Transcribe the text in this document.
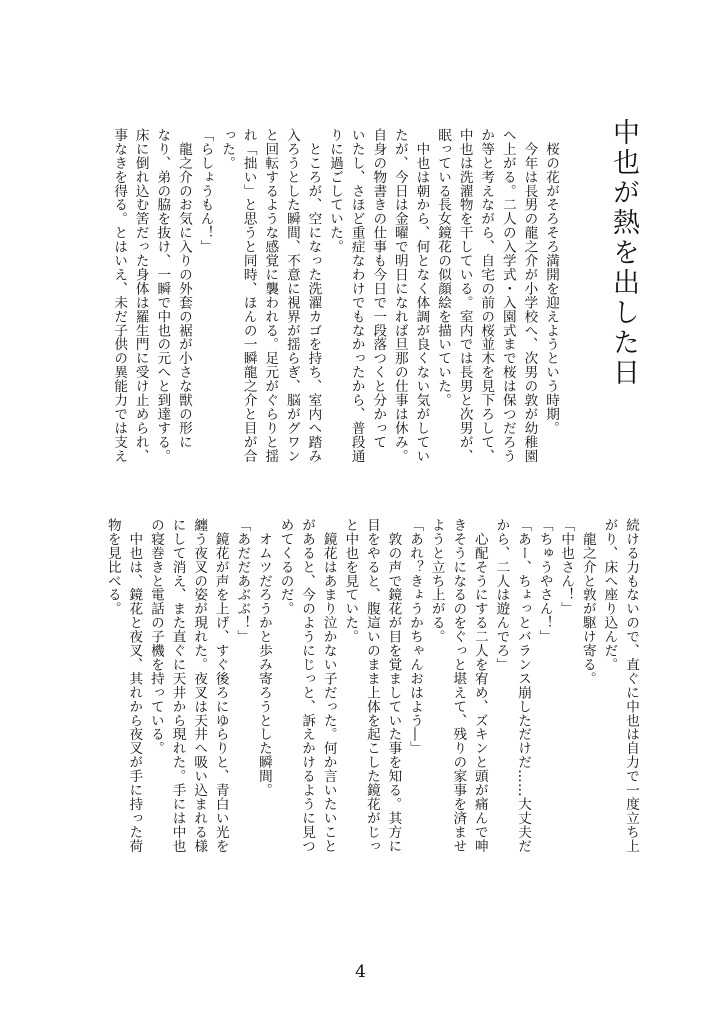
中也が熱を出した日
　桜の花がそろそろ満開を迎えようという時期。
　今年は長男の龍之介が小学校へ、次男の敦が幼稚園
へ上がる。二人の入学式・入園式まで桜は保つだろう
か等と考えながら、自宅の前の桜並木を見下ろして、
中也は洗濯物を干している。室内では長男と次男が、
眠っている長女鏡花の似顔絵を描いていた。
　中也は朝から、何となく体調が良くない気がしてい
たが、今日は金曜で明日になれば旦那の仕事は休み。
自身の物書きの仕事も今日で一段落つくと分かって
いたし、さほど重症なわけでもなかったから、普段通
りに過ごしていた。
　ところが、空になった洗濯カゴを持ち、室内へ踏み
入ろうとした瞬間、不意に視界が揺らぎ、脳がグワン
と回転するような感覚に襲われる。足元がぐらりと揺
れ「拙い」と思うと同時、ほんの一瞬龍之介と目が合
った。
「らしょうもん！」
　龍之介のお気に入りの外套の裾が小さな獣の形に
なり、弟の脇を抜け、一瞬で中也の元へと到達する。
床に倒れ込む筈だった身体は羅生門に受け止められ、
事なきを得る。とはいえ、未だ子供の異能力では支え
続ける力もないので、直ぐに中也は自力で一度立ち上
がり、床へ座り込んだ。
　龍之介と敦が駆け寄る。
「中也さん！」
「ちゅうやさん！」
「あー、ちょっとバランス崩しただけだ……大丈夫だ
から、二人は遊んでろ」
　心配そうにする二人を宥め、ズキンと頭が痛んで呻
きそうになるのをぐっと堪えて、残りの家事を済ませ
ようと立ち上がる。
「あれ？きょうかちゃんおはよう―」
　敦の声で鏡花が目を覚ましていた事を知る。其方に
目をやると、腹這いのまま上体を起こした鏡花がじっ
と中也を見ていた。
　鏡花はあまり泣かない子だった。何か言いたいこと
があると、今のようにじっと、訴えかけるように見つ
めてくるのだ。
　オムツだろうかと歩み寄ろうとした瞬間。
「あだだあぶぶ！」
　鏡花が声を上げ、すぐ後ろにゆらりと、青白い光を
纏う夜叉の姿が現れた。夜叉は天井へ吸い込まれる様
にして消え、また直ぐに天井から現れた。手には中也
の寝巻きと電話の子機を持っている。
　中也は、鏡花と夜叉、其れから夜叉が手に持った荷
物を見比べる。
4
